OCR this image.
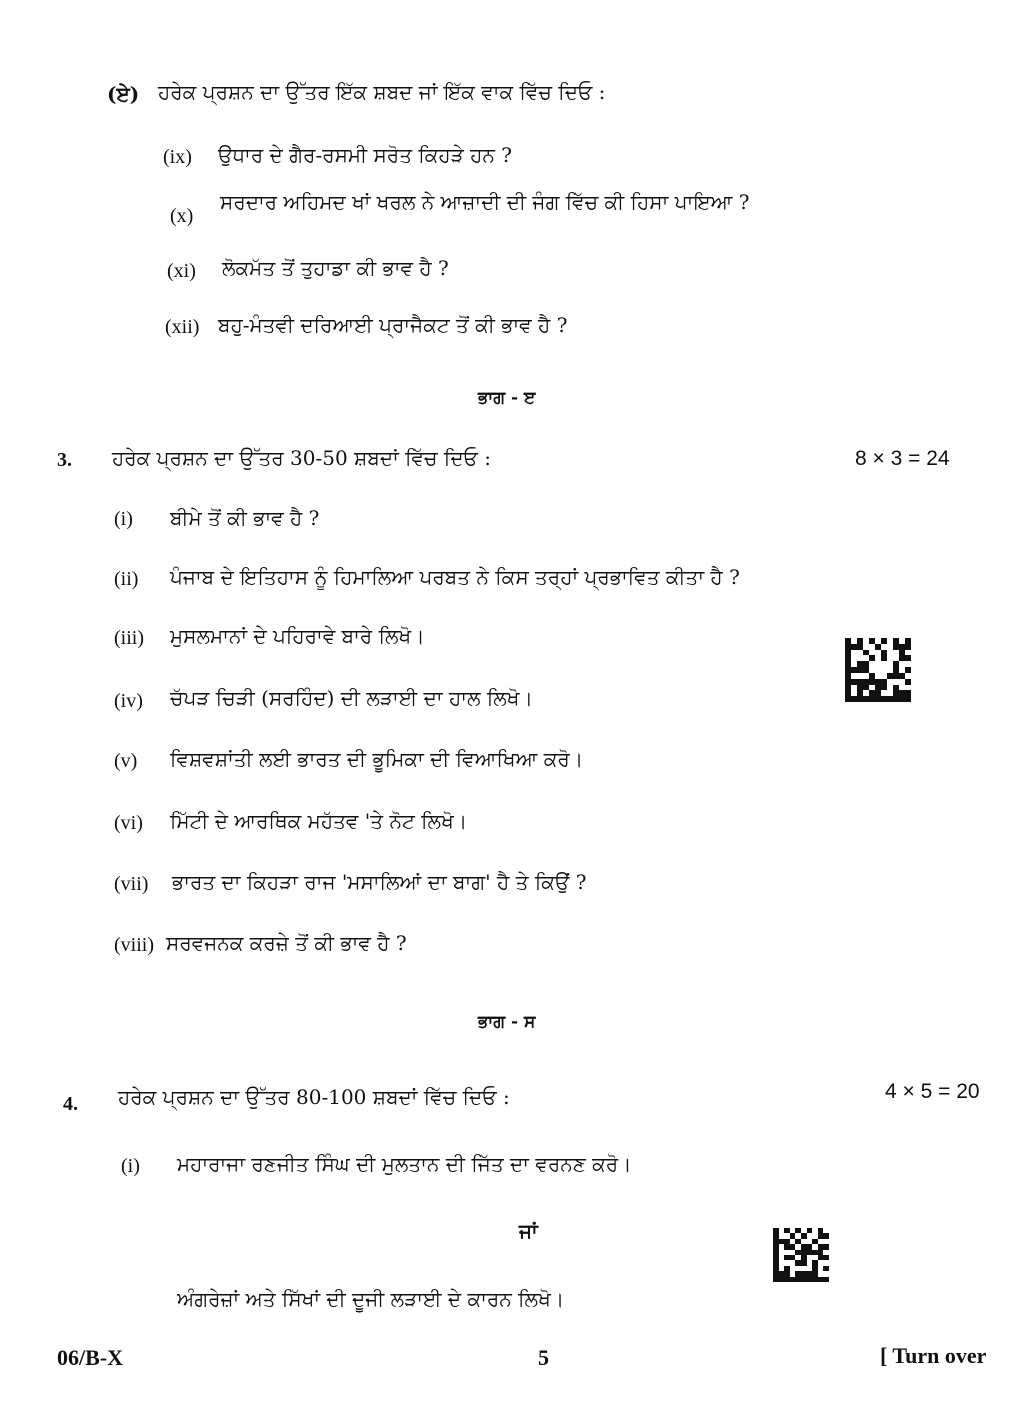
(ਏ) ਹਰੇਕ ਪ੍ਰਸ਼ਨ ਦਾ ਉੱਤਰ ਇੱਕ ਸ਼ਬਦ ਜਾਂ ਇੱਕ ਵਾਕ ਵਿੱਚ ਦਿਓ :
(ix) ਉਧਾਰ ਦੇ ਗੈਰ-ਰਸਮੀ ਸਰੋਤ ਕਿਹੜੇ ਹਨ ?
(x)
ਸਰਦਾਰ ਅਹਿਮਦ ਖਾਂ ਖਰਲ ਨੇ ਆਜ਼ਾਦੀ ਦੀ ਜੰਗ ਵਿੱਚ ਕੀ ਹਿਸਾ ਪਾਇਆ ?
(xi) ਲੋਕਮੱਤ ਤੋਂ ਤੁਹਾਡਾ ਕੀ ਭਾਵ ਹੈ ?
(xii) ਬਹੁ-ਮੰਤਵੀ ਦਰਿਆਈ ਪ੍ਰਾਜੈਕਟ ਤੋਂ ਕੀ ਭਾਵ ਹੈ ?
ਭਾਗ - ੲ
3. ਹਰੇਕ ਪ੍ਰਸ਼ਨ ਦਾ ਉੱਤਰ 30-50 ਸ਼ਬਦਾਂ ਵਿੱਚ ਦਿਓ :	8 × 3 = 24
(i) ਬੀਮੇ ਤੋਂ ਕੀ ਭਾਵ ਹੈ ?
(ii) ਪੰਜਾਬ ਦੇ ਇਤਿਹਾਸ ਨੂੰ ਹਿਮਾਲਿਆ ਪਰਬਤ ਨੇ ਕਿਸ ਤਰ੍ਹਾਂ ਪ੍ਰਭਾਵਿਤ ਕੀਤਾ ਹੈ ?
(iii) ਮੁਸਲਮਾਨਾਂ ਦੇ ਪਹਿਰਾਵੇ ਬਾਰੇ ਲਿਖੋ।
(iv) ਚੱਪੜ ਚਿੜੀ (ਸਰਹਿੰਦ) ਦੀ ਲੜਾਈ ਦਾ ਹਾਲ ਲਿਖੋ।
(v) ਵਿਸ਼ਵਸ਼ਾਂਤੀ ਲਈ ਭਾਰਤ ਦੀ ਭੂਮਿਕਾ ਦੀ ਵਿਆਖਿਆ ਕਰੋ।
(vi) ਮਿੱਟੀ ਦੇ ਆਰਥਿਕ ਮਹੱਤਵ 'ਤੇ ਨੋਟ ਲਿਖੋ।
(vii) ਭਾਰਤ ਦਾ ਕਿਹੜਾ ਰਾਜ 'ਮਸਾਲਿਆਂ ਦਾ ਬਾਗ' ਹੈ ਤੇ ਕਿਉਂ ?
(viii) ਸਰਵਜਨਕ ਕਰਜ਼ੇ ਤੋਂ ਕੀ ਭਾਵ ਹੈ ?
ਭਾਗ - ਸ
4. ਹਰੇਕ ਪ੍ਰਸ਼ਨ ਦਾ ਉੱਤਰ 80-100 ਸ਼ਬਦਾਂ ਵਿੱਚ ਦਿਓ :	4 × 5 = 20
(i) ਮਹਾਰਾਜਾ ਰਣਜੀਤ ਸਿੰਘ ਦੀ ਮੁਲਤਾਨ ਦੀ ਜਿੱਤ ਦਾ ਵਰਨਣ ਕਰੋ।
ਜਾਂ
ਅੰਗਰੇਜ਼ਾਂ ਅਤੇ ਸਿੱਖਾਂ ਦੀ ਦੂਜੀ ਲੜਾਈ ਦੇ ਕਾਰਨ ਲਿਖੋ।
06/B-X	5	[ Turn over
